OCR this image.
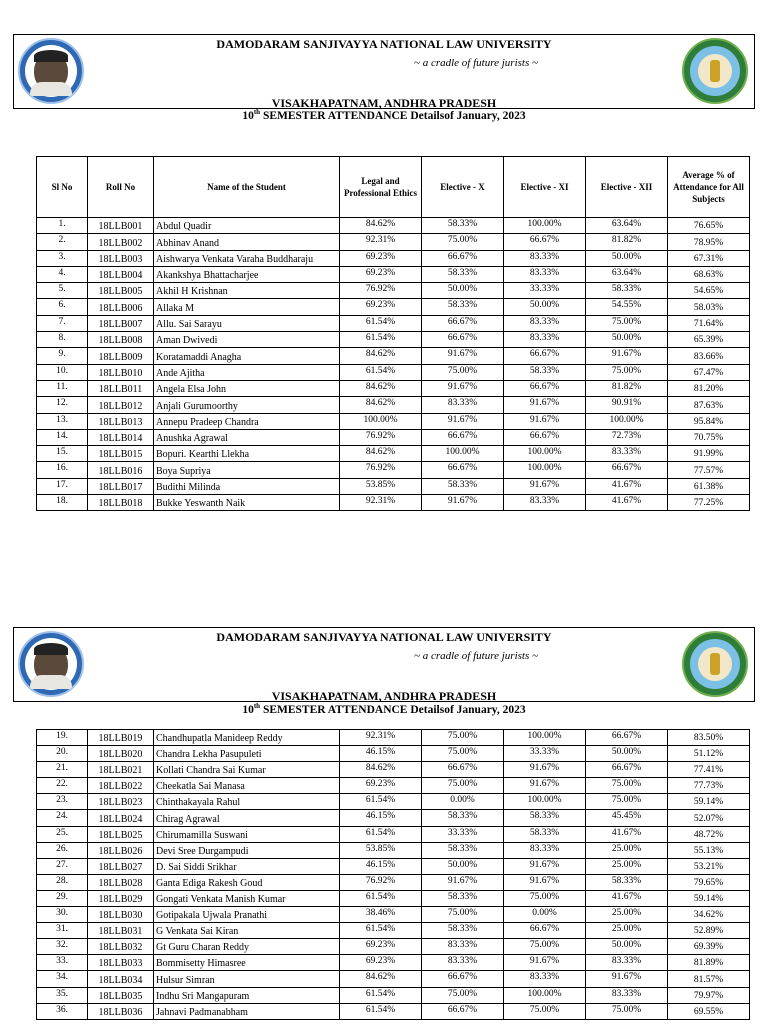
DAMODARAM SANJIVAYYA NATIONAL LAW UNIVERSITY
~ a cradle of future jurists ~
VISAKHAPATNAM, ANDHRA PRADESH
10th SEMESTER ATTENDANCE Detailsof January, 2023
Sl No	Roll No	Name of the Student	Legal and Professional Ethics	Elective - X	Elective - XI	Elective - XII	Average % of Attendance for All Subjects
1.	18LLB001	Abdul Quadir	84.62%	58.33%	100.00%	63.64%	76.65%
2.	18LLB002	Abhinav Anand	92.31%	75.00%	66.67%	81.82%	78.95%
3.	18LLB003	Aishwarya Venkata Varaha Buddharaju	69.23%	66.67%	83.33%	50.00%	67.31%
4.	18LLB004	Akankshya Bhattacharjee	69.23%	58.33%	83.33%	63.64%	68.63%
5.	18LLB005	Akhil H Krishnan	76.92%	50.00%	33.33%	58.33%	54.65%
6.	18LLB006	Allaka M	69.23%	58.33%	50.00%	54.55%	58.03%
7.	18LLB007	Allu. Sai Sarayu	61.54%	66.67%	83.33%	75.00%	71.64%
8.	18LLB008	Aman Dwivedi	61.54%	66.67%	83.33%	50.00%	65.39%
9.	18LLB009	Koratamaddi Anagha	84.62%	91.67%	66.67%	91.67%	83.66%
10.	18LLB010	Ande Ajitha	61.54%	75.00%	58.33%	75.00%	67.47%
11.	18LLB011	Angela Elsa John	84.62%	91.67%	66.67%	81.82%	81.20%
12.	18LLB012	Anjali Gurumoorthy	84.62%	83.33%	91.67%	90.91%	87.63%
13.	18LLB013	Annepu Pradeep Chandra	100.00%	91.67%	91.67%	100.00%	95.84%
14.	18LLB014	Anushka Agrawal	76.92%	66.67%	66.67%	72.73%	70.75%
15.	18LLB015	Bopuri. Kearthi Llekha	84.62%	100.00%	100.00%	83.33%	91.99%
16.	18LLB016	Boya Supriya	76.92%	66.67%	100.00%	66.67%	77.57%
17.	18LLB017	Budithi Milinda	53.85%	58.33%	91.67%	41.67%	61.38%
18.	18LLB018	Bukke Yeswanth Naik	92.31%	91.67%	83.33%	41.67%	77.25%
DAMODARAM SANJIVAYYA NATIONAL LAW UNIVERSITY
~ a cradle of future jurists ~
VISAKHAPATNAM, ANDHRA PRADESH
10th SEMESTER ATTENDANCE Detailsof January, 2023
19.	18LLB019	Chandhupatla Manideep Reddy	92.31%	75.00%	100.00%	66.67%	83.50%
20.	18LLB020	Chandra Lekha Pasupuleti	46.15%	75.00%	33.33%	50.00%	51.12%
21.	18LLB021	Kollati Chandra Sai Kumar	84.62%	66.67%	91.67%	66.67%	77.41%
22.	18LLB022	Cheekatla Sai Manasa	69.23%	75.00%	91.67%	75.00%	77.73%
23.	18LLB023	Chinthakayala Rahul	61.54%	0.00%	100.00%	75.00%	59.14%
24.	18LLB024	Chirag Agrawal	46.15%	58.33%	58.33%	45.45%	52.07%
25.	18LLB025	Chirumamilla Suswani	61.54%	33.33%	58.33%	41.67%	48.72%
26.	18LLB026	Devi Sree Durgampudi	53.85%	58.33%	83.33%	25.00%	55.13%
27.	18LLB027	D. Sai Siddi Srikhar	46.15%	50.00%	91.67%	25.00%	53.21%
28.	18LLB028	Ganta Ediga Rakesh Goud	76.92%	91.67%	91.67%	58.33%	79.65%
29.	18LLB029	Gongati Venkata Manish Kumar	61.54%	58.33%	75.00%	41.67%	59.14%
30.	18LLB030	Gotipakala Ujwala Pranathi	38.46%	75.00%	0.00%	25.00%	34.62%
31.	18LLB031	G Venkata Sai Kiran	61.54%	58.33%	66.67%	25.00%	52.89%
32.	18LLB032	Gt Guru Charan Reddy	69.23%	83.33%	75.00%	50.00%	69.39%
33.	18LLB033	Bommisetty Himasree	69.23%	83.33%	91.67%	83.33%	81.89%
34.	18LLB034	Hulsur Simran	84.62%	66.67%	83.33%	91.67%	81.57%
35.	18LLB035	Indhu Sri Mangapuram	61.54%	75.00%	100.00%	83.33%	79.97%
36.	18LLB036	Jahnavi Padmanabham	61.54%	66.67%	75.00%	75.00%	69.55%
